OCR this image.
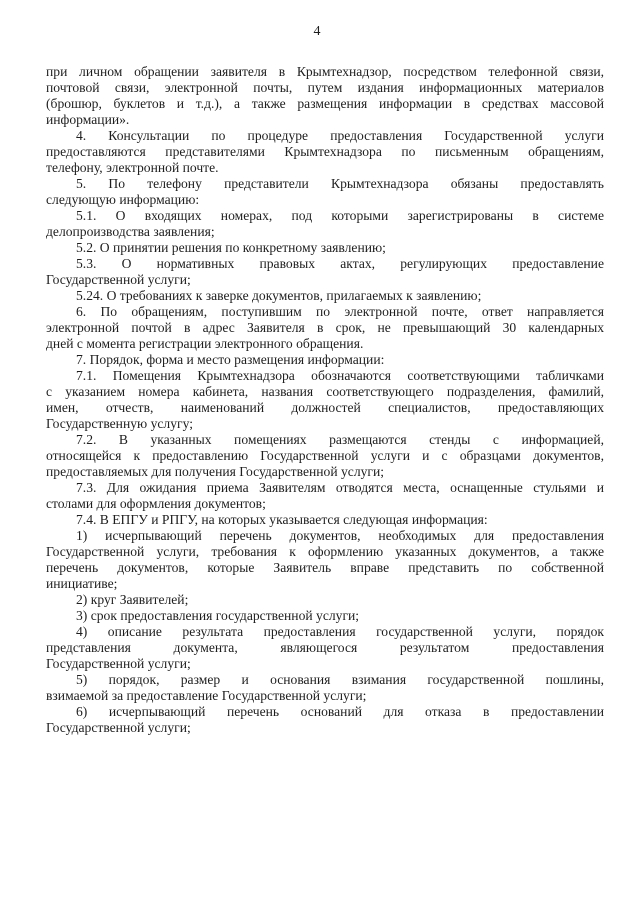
4
при личном обращении заявителя в Крымтехнадзор, посредством телефонной связи,
почтовой связи, электронной почты, путем издания информационных материалов
(брошюр, буклетов и т.д.), а также размещения информации в средствах массовой
информации».
4. Консультации по процедуре предоставления Государственной услуги
предоставляются представителями Крымтехнадзора по письменным обращениям,
телефону, электронной почте.
5. По телефону представители Крымтехнадзора обязаны предоставлять
следующую информацию:
5.1. О входящих номерах, под которыми зарегистрированы в системе
делопроизводства заявления;
5.2. О принятии решения по конкретному заявлению;
5.3. О нормативных правовых актах, регулирующих предоставление
Государственной услуги;
5.24. О требованиях к заверке документов, прилагаемых к заявлению;
6. По обращениям, поступившим по электронной почте, ответ направляется
электронной почтой в адрес Заявителя в срок, не превышающий 30 календарных
дней с момента регистрации электронного обращения.
7. Порядок, форма и место размещения информации:
7.1. Помещения Крымтехнадзора обозначаются соответствующими табличками
с указанием номера кабинета, названия соответствующего подразделения, фамилий,
имен, отчеств, наименований должностей специалистов, предоставляющих
Государственную услугу;
7.2. В указанных помещениях размещаются стенды с информацией,
относящейся к предоставлению Государственной услуги и с образцами документов,
предоставляемых для получения Государственной услуги;
7.3. Для ожидания приема Заявителям отводятся места, оснащенные стульями и
столами для оформления документов;
7.4. В ЕПГУ и РПГУ, на которых указывается следующая информация:
1) исчерпывающий перечень документов, необходимых для предоставления
Государственной услуги, требования к оформлению указанных документов, а также
перечень документов, которые Заявитель вправе представить по собственной
инициативе;
2) круг Заявителей;
3) срок предоставления государственной услуги;
4) описание результата предоставления государственной услуги, порядок
представления документа, являющегося результатом предоставления
Государственной услуги;
5) порядок, размер и основания взимания государственной пошлины,
взимаемой за предоставление Государственной услуги;
6) исчерпывающий перечень оснований для отказа в предоставлении
Государственной услуги;
